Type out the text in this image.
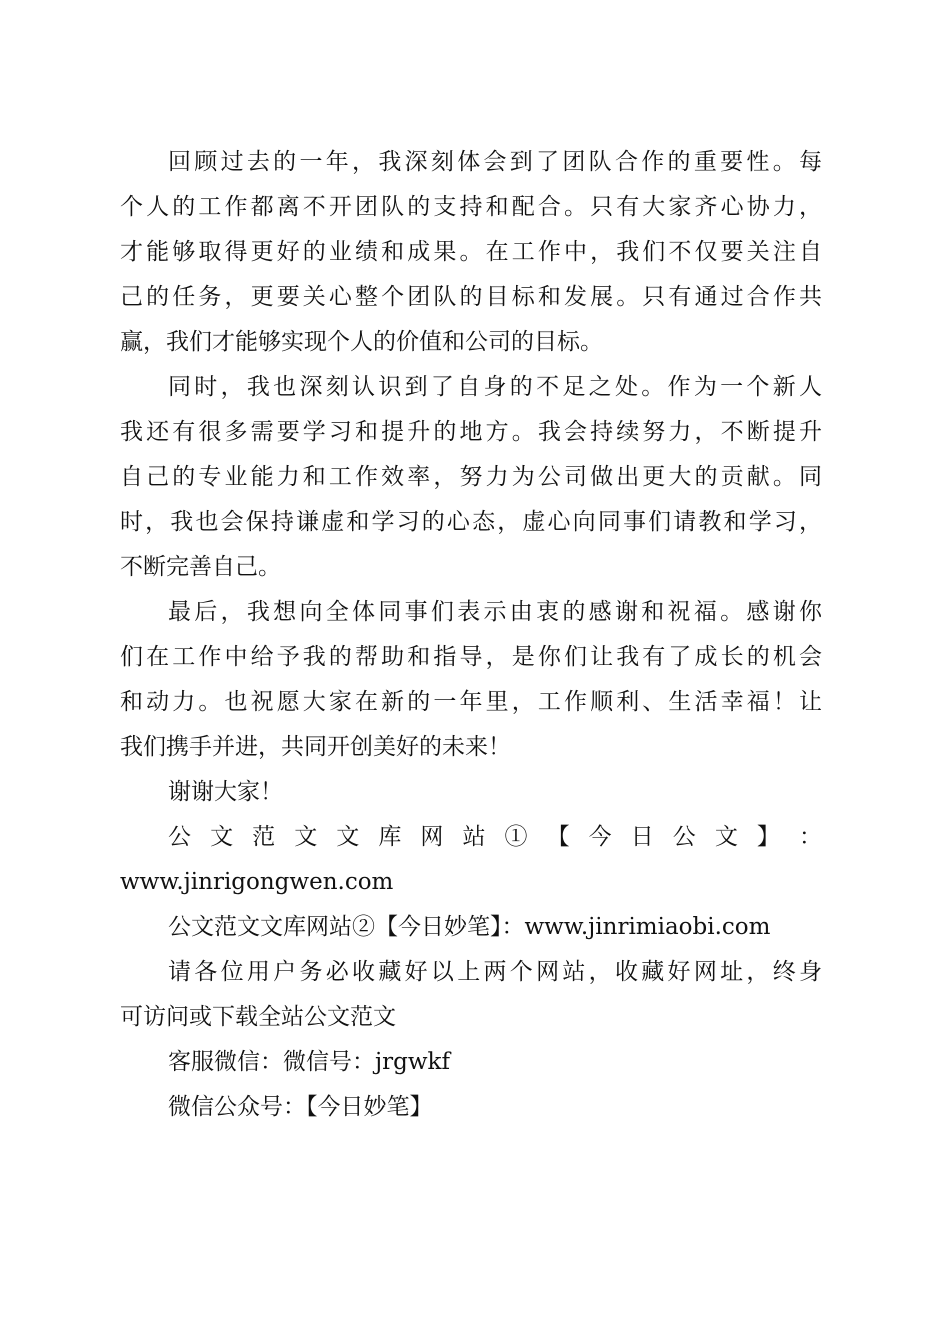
回顾过去的一年，我深刻体会到了团队合作的重要性。每
个人的工作都离不开团队的支持和配合。只有大家齐心协力，
才能够取得更好的业绩和成果。在工作中，我们不仅要关注自
己的任务，更要关心整个团队的目标和发展。只有通过合作共
赢，我们才能够实现个人的价值和公司的目标。
同时，我也深刻认识到了自身的不足之处。作为一个新人
我还有很多需要学习和提升的地方。我会持续努力，不断提升
自己的专业能力和工作效率，努力为公司做出更大的贡献。同
时，我也会保持谦虚和学习的心态，虚心向同事们请教和学习，
不断完善自己。
最后，我想向全体同事们表示由衷的感谢和祝福。感谢你
们在工作中给予我的帮助和指导，是你们让我有了成长的机会
和动力。也祝愿大家在新的一年里，工作顺利、生活幸福！让
我们携手并进，共同开创美好的未来！
谢谢大家！
公 文 范 文 文 库 网 站 ① 【 今 日 公 文 】 ：
www.jinrigongwen.com
公文范文文库网站②【今日妙笔】：www.jinrimiaobi.com
请各位用户务必收藏好以上两个网站，收藏好网址，终身
可访问或下载全站公文范文
客服微信：微信号：jrgwkf
微信公众号：【今日妙笔】
